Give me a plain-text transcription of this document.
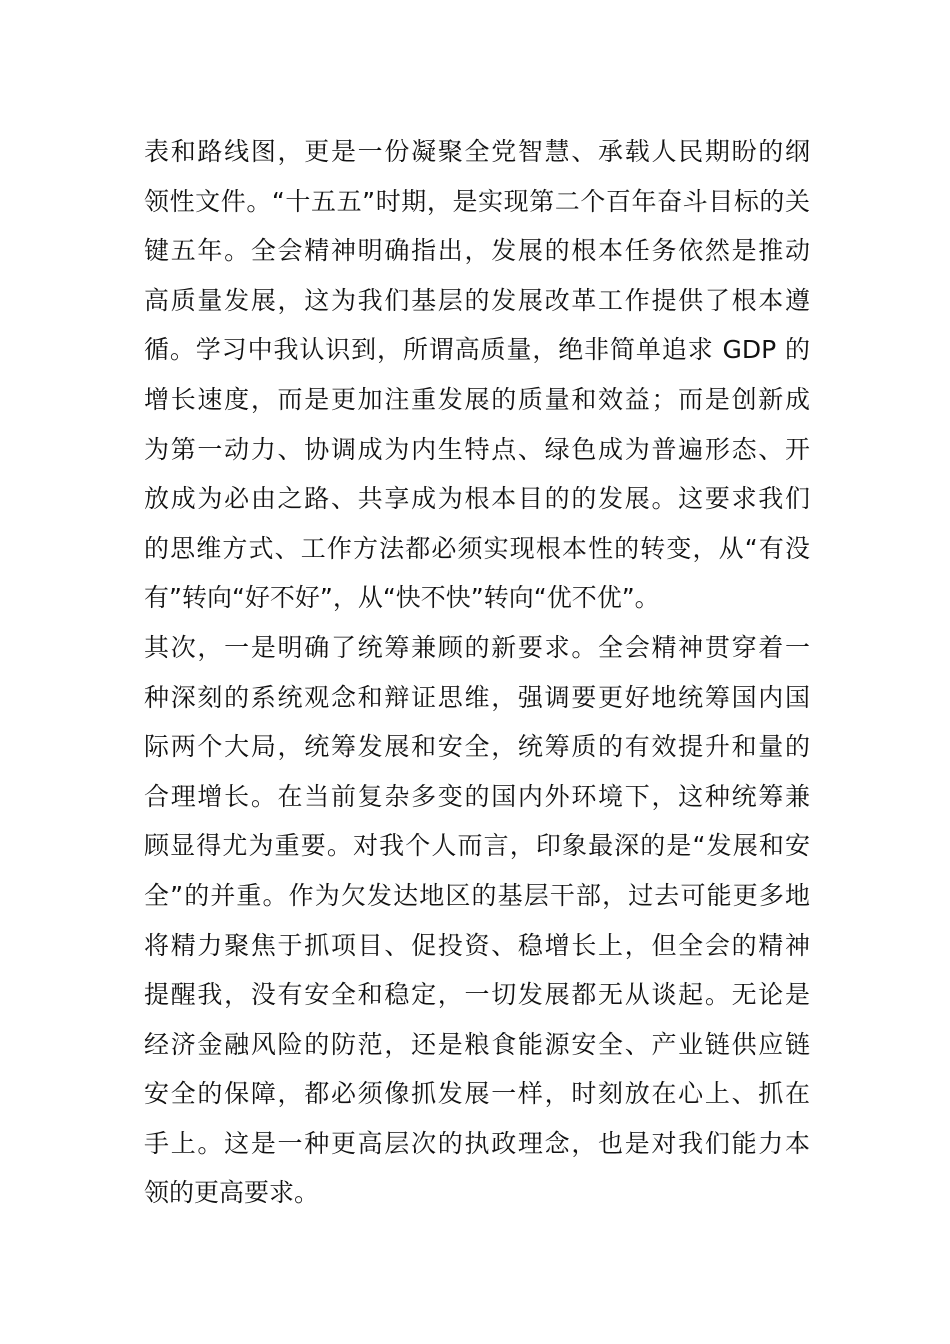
表和路线图，更是一份凝聚全党智慧、承载人民期盼的纲
领性文件。“十五五”时期，是实现第二个百年奋斗目标的关
键五年。全会精神明确指出，发展的根本任务依然是推动
高质量发展，这为我们基层的发展改革工作提供了根本遵
循。学习中我认识到，所谓高质量，绝非简单追求 GDP 的
增长速度，而是更加注重发展的质量和效益；而是创新成
为第一动力、协调成为内生特点、绿色成为普遍形态、开
放成为必由之路、共享成为根本目的的发展。这要求我们
的思维方式、工作方法都必须实现根本性的转变，从“有没
有”转向“好不好”，从“快不快”转向“优不优”。
其次，一是明确了统筹兼顾的新要求。全会精神贯穿着一
种深刻的系统观念和辩证思维，强调要更好地统筹国内国
际两个大局，统筹发展和安全，统筹质的有效提升和量的
合理增长。在当前复杂多变的国内外环境下，这种统筹兼
顾显得尤为重要。对我个人而言，印象最深的是“发展和安
全”的并重。作为欠发达地区的基层干部，过去可能更多地
将精力聚焦于抓项目、促投资、稳增长上，但全会的精神
提醒我，没有安全和稳定，一切发展都无从谈起。无论是
经济金融风险的防范，还是粮食能源安全、产业链供应链
安全的保障，都必须像抓发展一样，时刻放在心上、抓在
手上。这是一种更高层次的执政理念，也是对我们能力本
领的更高要求。
